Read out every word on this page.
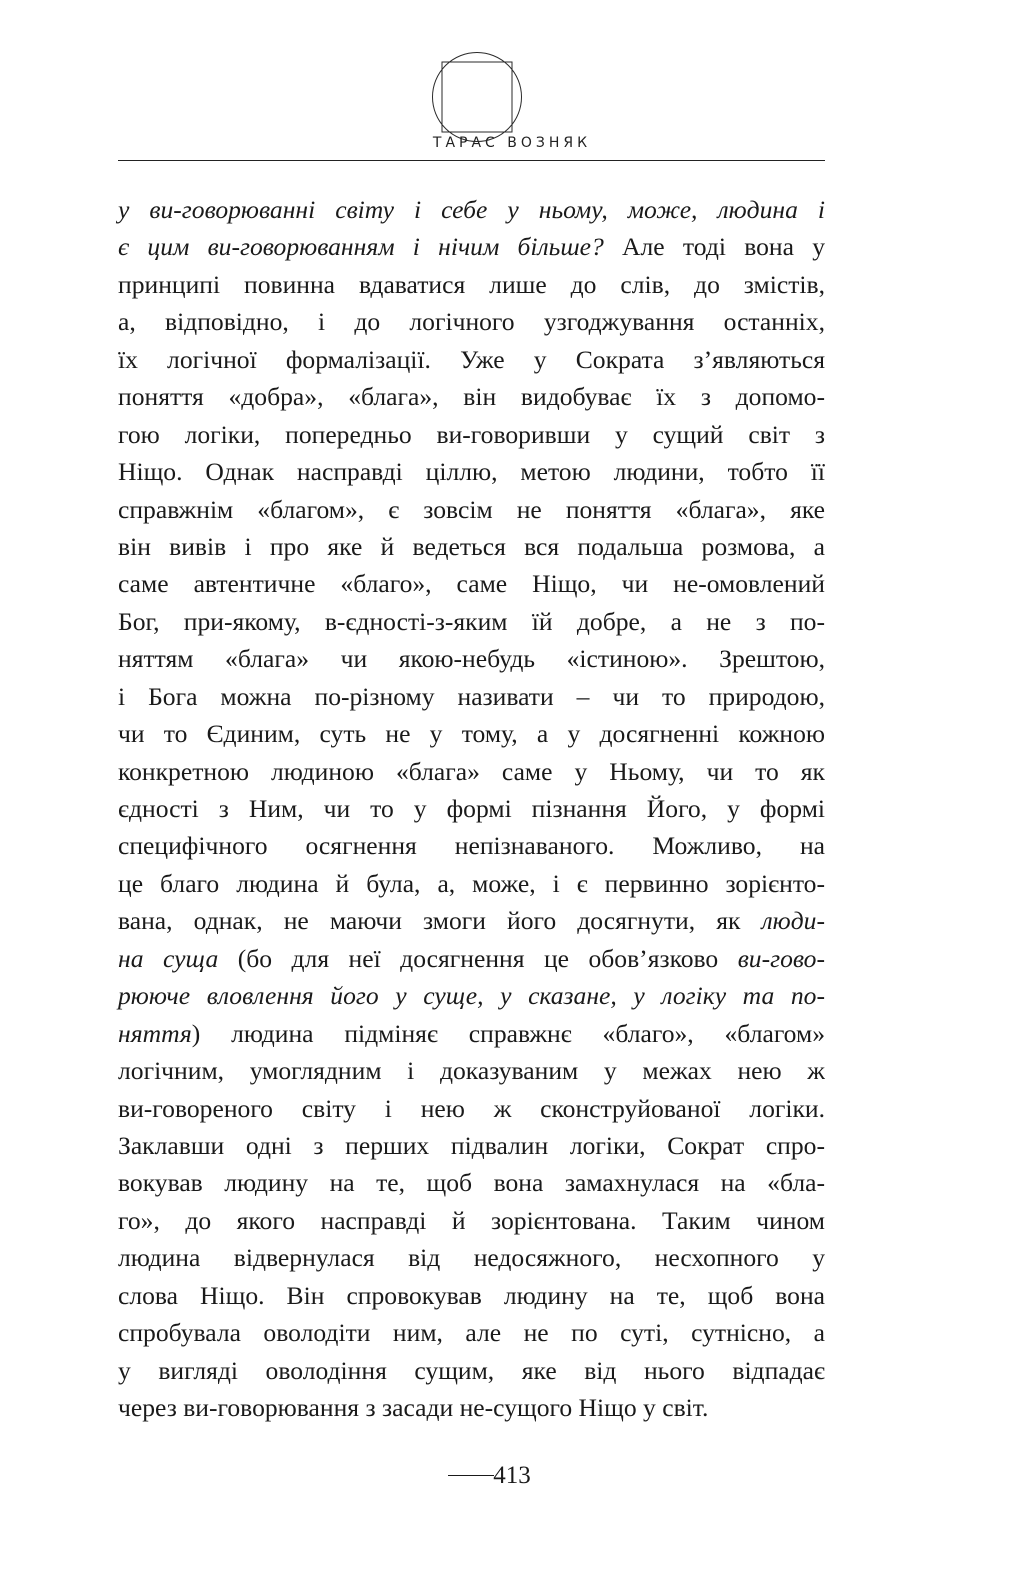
ТАРАС ВОЗНЯК
у ви-говорюванні світу і себе у ньому, може, людина і
є цим ви-говорюванням і нічим більше? Але тоді вона у
принципі повинна вдаватися лише до слів, до змістів,
а, відповідно, і до логічного узгоджування останніх,
їх логічної формалізації. Уже у Сократа з’являються
поняття «добра», «блага», він видобуває їх з допомо-
гою логіки, попередньо ви-говоривши у сущий світ з
Ніщо. Однак насправді ціллю, метою людини, тобто її
справжнім «благом», є зовсім не поняття «блага», яке
він вивів і про яке й ведеться вся подальша розмова, а
саме автентичне «благо», саме Ніщо, чи не-омовлений
Бог, при-якому, в-єдності-з-яким їй добре, а не з по-
няттям «блага» чи якою-небудь «істиною». Зрештою,
і Бога можна по-різному називати – чи то природою,
чи то Єдиним, суть не у тому, а у досягненні кожною
конкретною людиною «блага» саме у Ньому, чи то як
єдності з Ним, чи то у формі пізнання Його, у формі
специфічного осягнення непізнаваного. Можливо, на
це благо людина й була, а, може, і є первинно зорієнто-
вана, однак, не маючи змоги його досягнути, як люди-
на суща (бо для неї досягнення це обов’язково ви-гово-
рююче вловлення його у суще, у сказане, у логіку та по-
няття) людина підміняє справжнє «благо», «благом»
логічним, умоглядним і доказуваним у межах нею ж
ви-говореного світу і нею ж сконструйованої логіки.
Заклавши одні з перших підвалин логіки, Сократ спро-
вокував людину на те, щоб вона замахнулася на «бла-
го», до якого насправді й зорієнтована. Таким чином
людина відвернулася від недосяжного, несхопного у
слова Ніщо. Він спровокував людину на те, щоб вона
спробувала оволодіти ним, але не по суті, сутнісно, а
у вигляді оволодіння сущим, яке від нього відпадає
через ви-говорювання з засади не-сущого Ніщо у світ.
413
